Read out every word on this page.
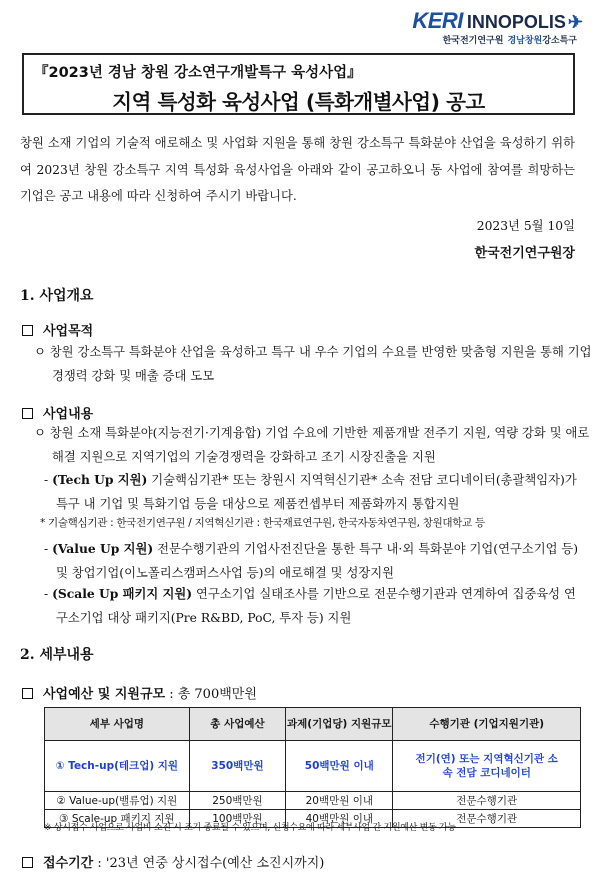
KERI INNOPOLIS ✈
한국전기연구원 경남창원강소특구
『2023년 경남 창원 강소연구개발특구 육성사업』
지역 특성화 육성사업 (특화개별사업) 공고
창원 소재 기업의 기술적 애로해소 및 사업화 지원을 통해 창원 강소특구 특화분야 산업을 육성하기 위하여 2023년 창원 강소특구 지역 특성화 육성사업을 아래와 같이 공고하오니 동 사업에 참여를 희망하는 기업은 공고 내용에 따라 신청하여 주시기 바랍니다.
2023년 5월 10일
한국전기연구원장
1. 사업개요
사업목적
ㅇ 창원 강소특구 특화분야 산업을 육성하고 특구 내 우수 기업의 수요를 반영한 맞춤형 지원을 통해 기업 경쟁력 강화 및 매출 증대 도모
사업내용
ㅇ 창원 소재 특화분야(지능전기·기계융합) 기업 수요에 기반한 제품개발 전주기 지원, 역량 강화 및 애로해결 지원으로 지역기업의 기술경쟁력을 강화하고 조기 시장진출을 지원
- (Tech Up 지원) 기술핵심기관* 또는 창원시 지역혁신기관* 소속 전담 코디네이터(총괄책임자)가 특구 내 기업 및 특화기업 등을 대상으로 제품컨셉부터 제품화까지 통합지원
* 기술핵심기관 : 한국전기연구원 / 지역혁신기관 : 한국재료연구원, 한국자동차연구원, 창원대학교 등
- (Value Up 지원) 전문수행기관의 기업사전진단을 통한 특구 내·외 특화분야 기업(연구소기업 등) 및 창업기업(이노폴리스캠퍼스사업 등)의 애로해결 및 성장지원
- (Scale Up 패키지 지원) 연구소기업 실태조사를 기반으로 전문수행기관과 연계하여 집중육성 연구소기업 대상 패키지(Pre R&BD, PoC, 투자 등) 지원
2. 세부내용
사업예산 및 지원규모 : 총 700백만원
세부 사업명	총 사업예산	과제(기업당) 지원규모	수행기관 (기업지원기관)
① Tech-up(테크업) 지원	350백만원	50백만원 이내	전기(연) 또는 지역혁신기관 소속 전담 코디네이터
② Value-up(밸류업) 지원	250백만원	20백만원 이내	전문수행기관
③ Scale-up 패키지 지원	100백만원	40백만원 이내	전문수행기관
※ 상시접수 사업으로 사업비 소진 시 조기 종료될 수 있으며, 신청수요에 따라 세부사업 간 지원예산 변동 가능
접수기간 : '23년 연중 상시접수(예산 소진시까지)
